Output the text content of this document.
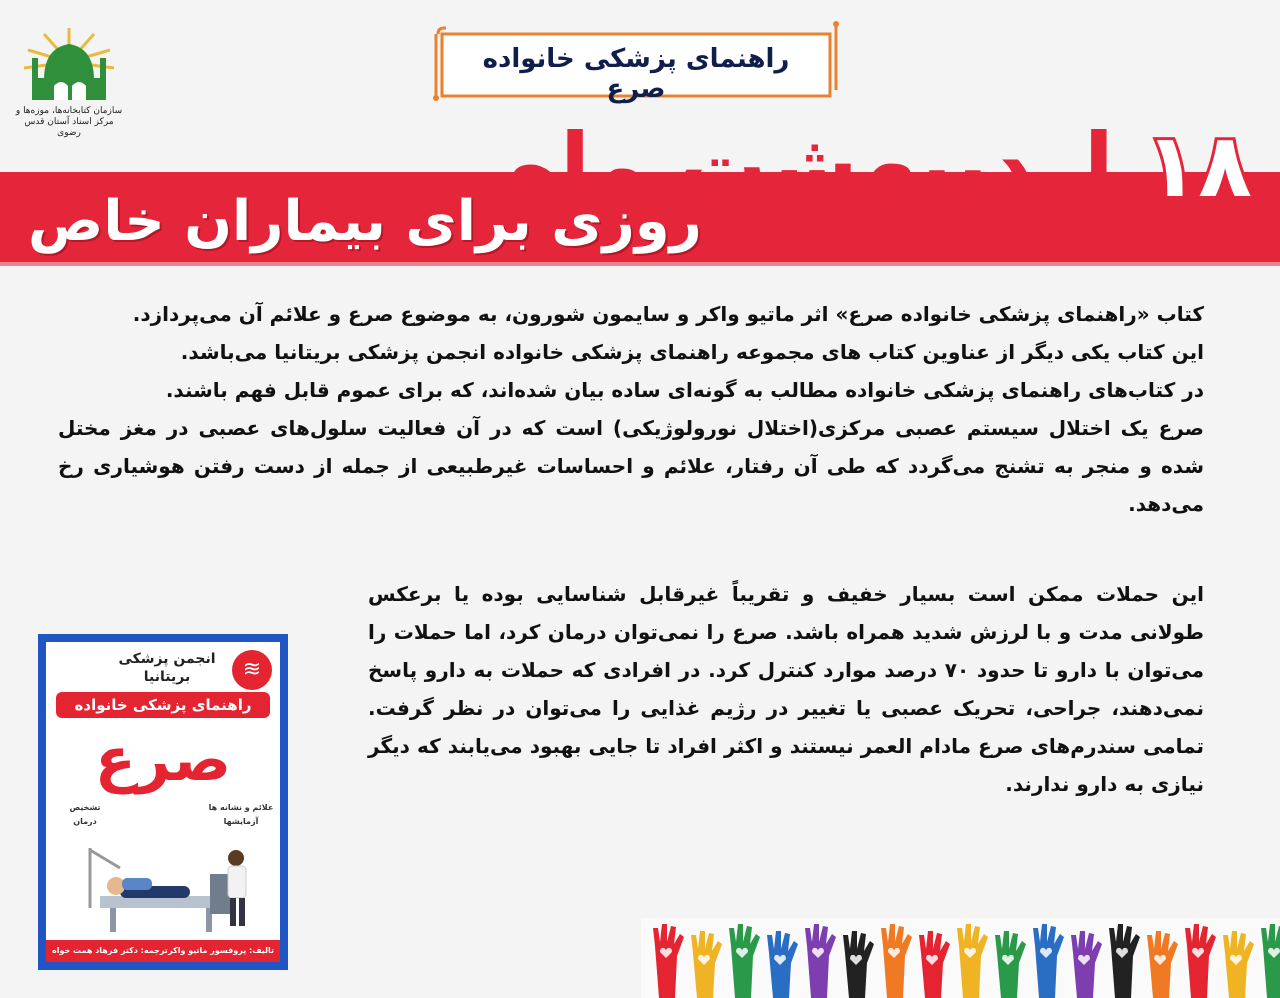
سازمان کتابخانه‌ها، موزه‌ها و مرکز اسناد آستان قدس رضوی
راهنمای پزشکی خانواده صرع
۱۸ اردیبهشت ماه
روزی برای بیماران خاص

کتاب «راهنمای پزشکی خانواده صرع» اثر ماتیو واکر و سایمون شورون، به موضوع صرع و علائم آن می‌پردازد.

این کتاب یکی دیگر از عناوین کتاب های مجموعه راهنمای پزشکی خانواده انجمن پزشکی بریتانیا می‌باشد.

در کتاب‌های راهنمای پزشکی خانواده مطالب به گونه‌ای ساده بیان شده‌اند، که برای عموم قابل فهم باشند.

صرع یک اختلال سیستم عصبی مرکزی(اختلال نورولوژیکی) است که در آن فعالیت سلول‌های عصبی در مغز مختل شده و منجر به تشنج می‌گردد که طی آن رفتار، علائم و احساسات غیرطبیعی از جمله از دست رفتن هوشیاری رخ می‌دهد.

این حملات ممکن است بسیار خفیف و تقریباً غیرقابل شناسایی بوده یا برعکس طولانی مدت و با لرزش شدید همراه باشد. صرع را نمی‌توان درمان کرد، اما حملات را می‌توان با دارو تا حدود ۷۰ درصد موارد کنترل کرد. در افرادی که حملات به دارو پاسخ نمی‌دهند، جراحی، تحریک عصبی یا تغییر در رژیم غذایی را می‌توان در نظر گرفت. تمامی سندرم‌های صرع مادام العمر نیستند و اکثر افراد تا جایی بهبود می‌یابند که دیگر نیازی به دارو ندارند.

≋
انجمن پزشکی بریتانیا
راهنمای پزشکی خانواده
صرع
علائم و نشانه ها
تشخیص
آزمایشها
درمان
تالیف: پروفسور ماتیو واکر
ترجمه: دکتر فرهاد همت خواه
